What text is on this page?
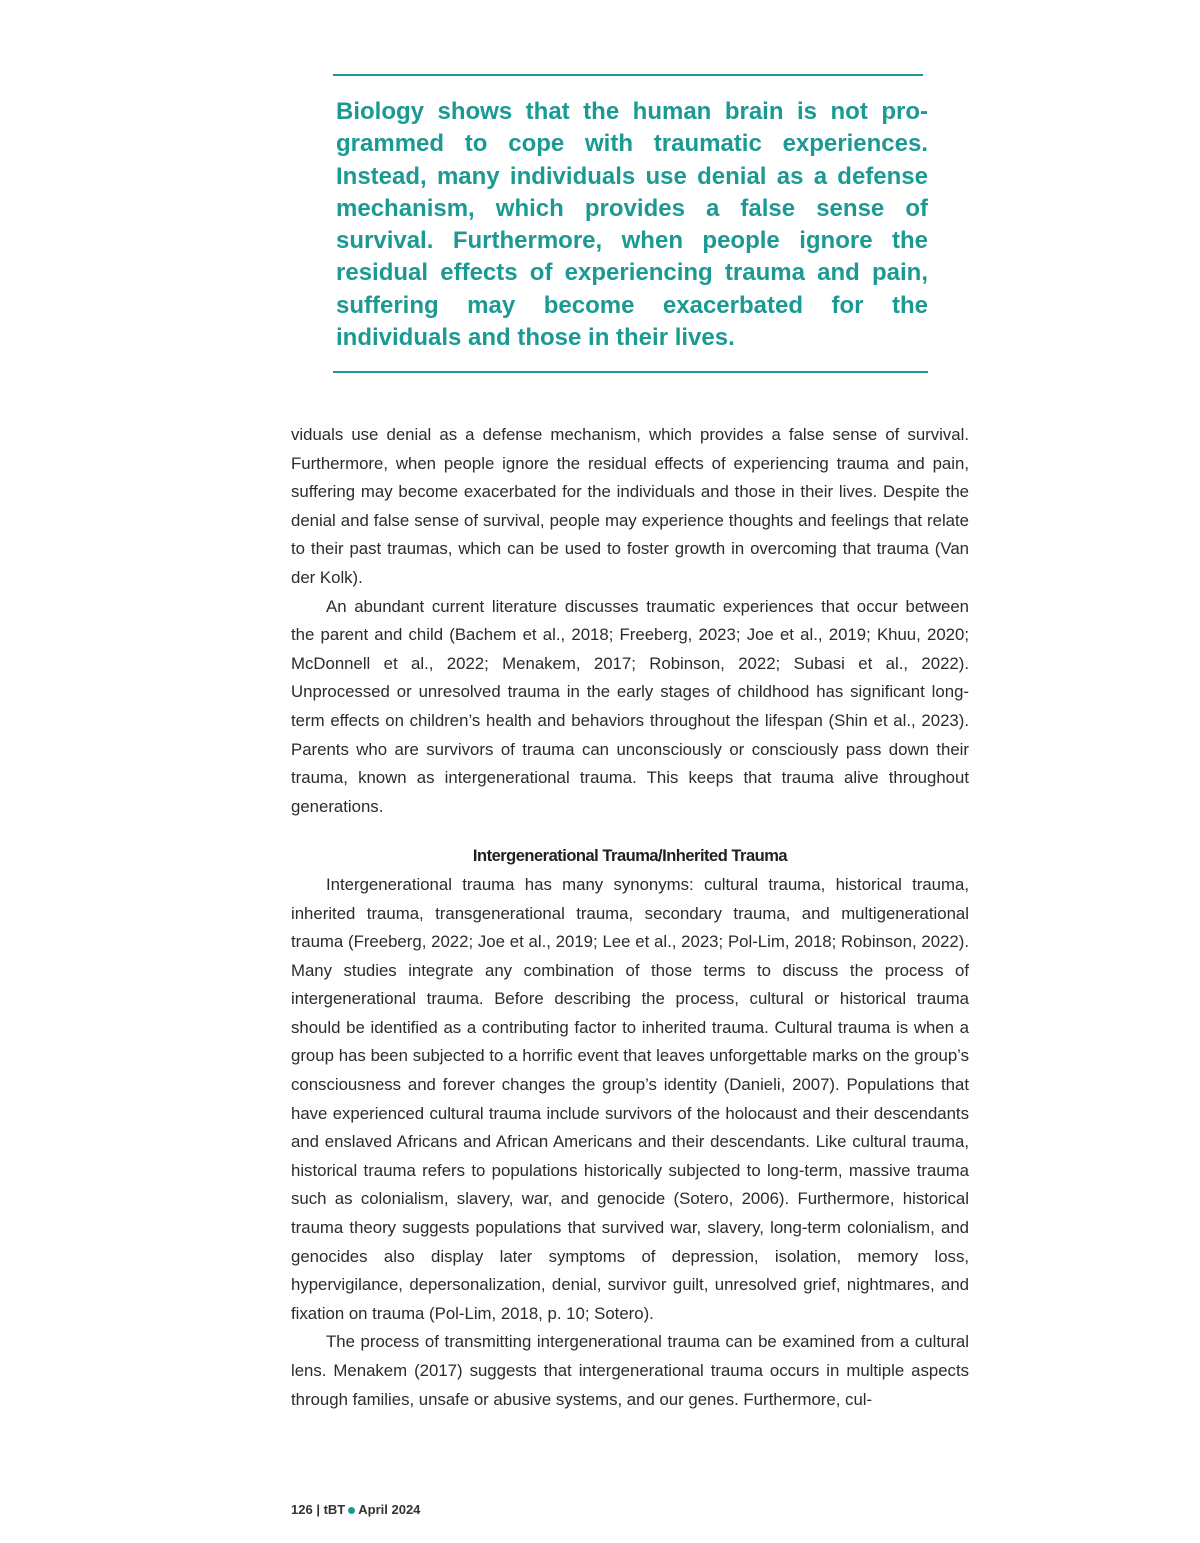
Biology shows that the human brain is not programmed to cope with traumatic experiences. Instead, many individuals use denial as a defense mechanism, which provides a false sense of survival. Furthermore, when people ignore the residual effects of experiencing trauma and pain, suffering may become exacerbated for the individuals and those in their lives.

viduals use denial as a defense mechanism, which provides a false sense of survival. Furthermore, when people ignore the residual effects of experiencing trauma and pain, suffering may become exacerbated for the individuals and those in their lives. Despite the denial and false sense of survival, people may experience thoughts and feelings that relate to their past traumas, which can be used to foster growth in overcoming that trauma (Van der Kolk).

An abundant current literature discusses traumatic experiences that occur between the parent and child (Bachem et al., 2018; Freeberg, 2023; Joe et al., 2019; Khuu, 2020; McDonnell et al., 2022; Menakem, 2017; Robinson, 2022; Subasi et al., 2022). Unprocessed or unresolved trauma in the early stages of childhood has significant long-term effects on children’s health and behaviors throughout the lifespan (Shin et al., 2023). Parents who are survivors of trauma can unconsciously or consciously pass down their trauma, known as intergenerational trauma. This keeps that trauma alive throughout generations.

Intergenerational Trauma/Inherited Trauma

Intergenerational trauma has many synonyms: cultural trauma, historical trauma, inherited trauma, transgenerational trauma, secondary trauma, and multigenerational trauma (Freeberg, 2022; Joe et al., 2019; Lee et al., 2023; Pol-Lim, 2018; Robinson, 2022). Many studies integrate any combination of those terms to discuss the process of intergenerational trauma. Before describing the process, cultural or historical trauma should be identified as a contributing factor to inherited trauma. Cultural trauma is when a group has been subjected to a horrific event that leaves unforgettable marks on the group’s consciousness and forever changes the group’s identity (Danieli, 2007). Populations that have experienced cultural trauma include survivors of the holocaust and their descendants and enslaved Africans and African Americans and their descendants. Like cultural trauma, historical trauma refers to populations historically subjected to long-term, massive trauma such as colonialism, slavery, war, and genocide (Sotero, 2006). Furthermore, historical trauma theory suggests populations that survived war, slavery, long-term colonialism, and genocides also display later symptoms of depression, isolation, memory loss, hypervigilance, depersonalization, denial, survivor guilt, unresolved grief, nightmares, and fixation on trauma (Pol-Lim, 2018, p. 10; Sotero).

The process of transmitting intergenerational trauma can be examined from a cultural lens. Menakem (2017) suggests that intergenerational trauma occurs in multiple aspects through families, unsafe or abusive systems, and our genes. Furthermore, cul-

126 | tBT April 2024
